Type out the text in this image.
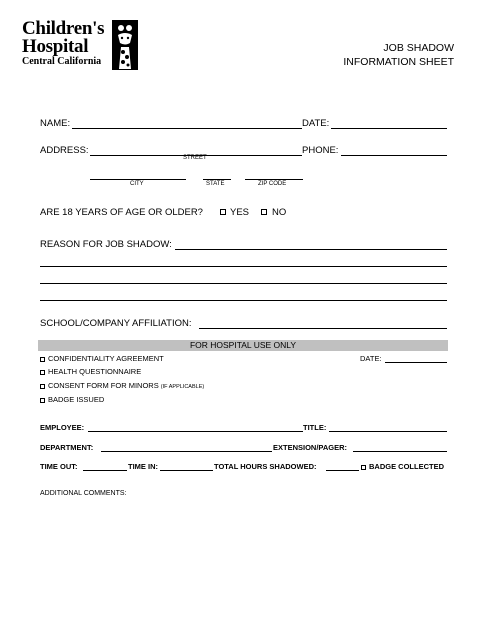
Children's
Hospital
Central California
JOB SHADOW
INFORMATION SHEET
NAME:	DATE:
ADDRESS:	PHONE:
STREET
CITY	STATE	ZIP CODE
ARE 18 YEARS OF AGE OR OLDER?	YES NO
REASON FOR JOB SHADOW:
SCHOOL/COMPANY AFFILIATION:
FOR HOSPITAL USE ONLY
CONFIDENTIALITY AGREEMENT	DATE:
HEALTH QUESTIONNAIRE
CONSENT FORM FOR MINORS (IF APPLICABLE)
BADGE ISSUED
EMPLOYEE:	TITLE:
DEPARTMENT:	EXTENSION/PAGER:
TIME OUT:	TIME IN:	TOTAL HOURS SHADOWED:	BADGE COLLECTED
ADDITIONAL COMMENTS:
